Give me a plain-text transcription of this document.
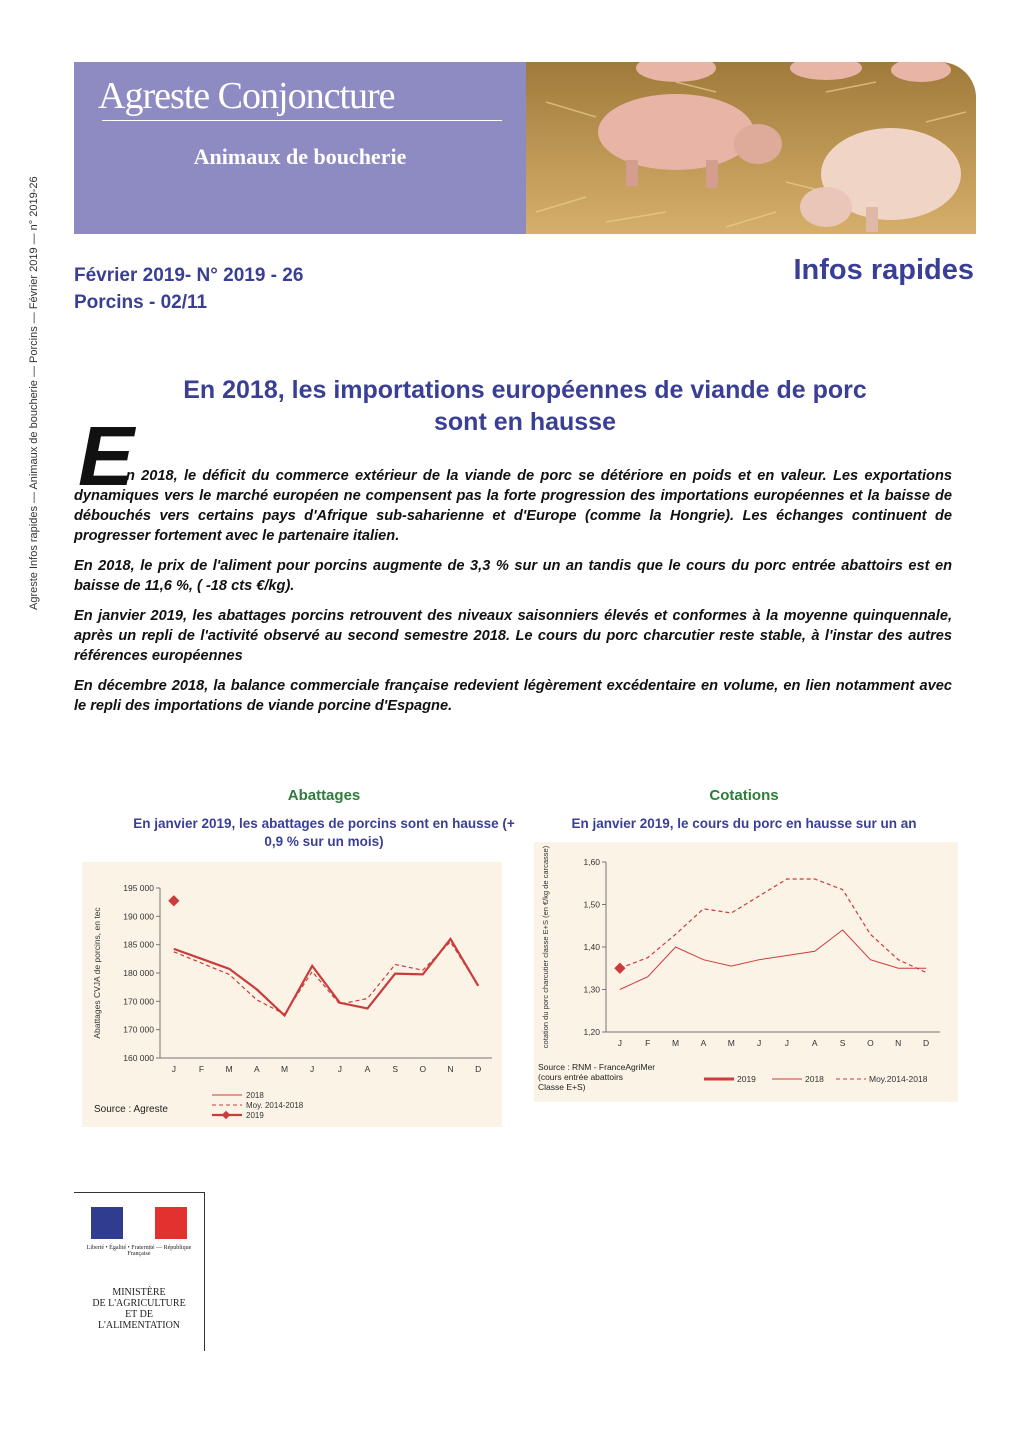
Agreste Infos rapides — Animaux de boucherie — Porcins — Février 2019 — n° 2019-26
Agreste Conjoncture
Animaux de boucherie
Février 2019- N° 2019 - 26
Porcins - 02/11
Infos rapides
En 2018, les importations européennes de viande de porc
sont en hausse
E

n 2018, le déficit du commerce extérieur de la viande de porc se détériore en poids et en valeur. Les exportations dynamiques vers le marché européen ne compensent pas la forte progression des importations européennes et la baisse de débouchés vers certains pays d'Afrique sub-saharienne et d'Europe (comme la Hongrie). Les échanges continuent de progresser fortement avec le partenaire italien.

En 2018, le prix de l'aliment pour porcins augmente de 3,3 % sur un an tandis que le cours du porc entrée abattoirs est en baisse de 11,6 %, ( -18 cts €/kg).

En janvier 2019, les abattages porcins retrouvent des niveaux saisonniers élevés et conformes à la moyenne quinquennale, après un repli de l'activité observé au second semestre 2018. Le cours du porc charcutier reste stable, à l'instar des autres références européennes

En décembre 2018, la balance commerciale française redevient légèrement excédentaire en volume, en lien notamment avec le repli des importations de viande porcine d'Espagne.

Abattages
En janvier 2019, les abattages de porcins sont en hausse (+ 0,9 % sur un mois)
160 000
170 000
170 000
180 000
185 000
190 000
195 000
J	F	M	A	M	J	J	A	S	O	N	D
Abattages CVJA de porcins, en tec
Source : Agreste
2018
Moy. 2014-2018
2019
Cotations
En janvier 2019, le cours du porc en hausse sur un an
1,20
1,30
1,40
1,50
1,60
J	F	M	A	M	J	J	A	S	O	N	D
cotation du porc charcutier classe E+S (en €/kg de carcasse)
Source : RNM - FranceAgriMer (cours entrée abattoirs Classe E+S)
2019	2018	Moy.2014-2018
Liberté • Égalité • Fraternité — République Française
MINISTÈRE
DE L'AGRICULTURE
ET DE
L'ALIMENTATION
